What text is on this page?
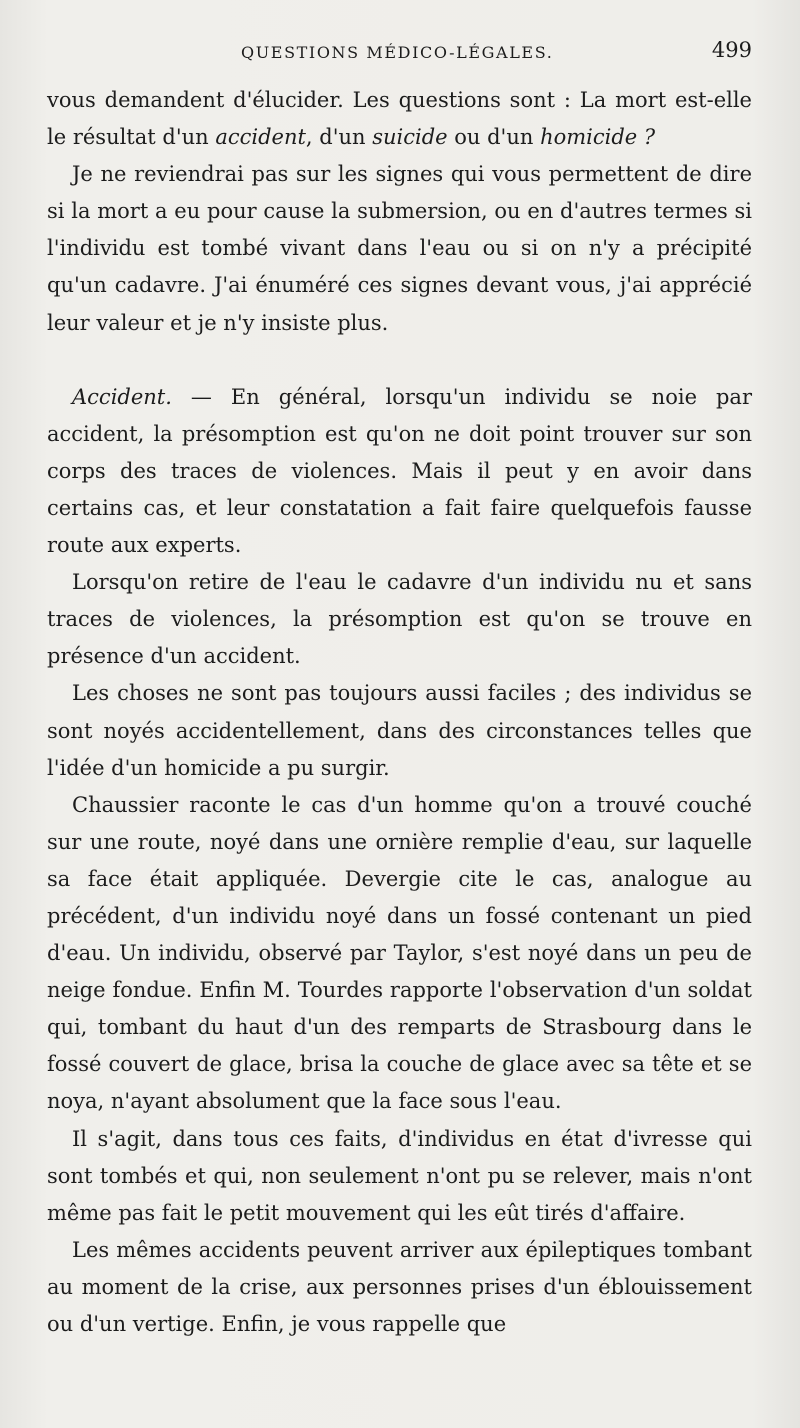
QUESTIONS MÉDICO-LÉGALES.	499

vous demandent d'élucider. Les questions sont : La mort est-elle le résultat d'un accident, d'un suicide ou d'un homicide ?

Je ne reviendrai pas sur les signes qui vous permettent de dire si la mort a eu pour cause la submersion, ou en d'autres termes si l'individu est tombé vivant dans l'eau ou si on n'y a précipité qu'un cadavre. J'ai énuméré ces signes devant vous, j'ai apprécié leur valeur et je n'y insiste plus.

Accident. — En général, lorsqu'un individu se noie par accident, la présomption est qu'on ne doit point trouver sur son corps des traces de violences. Mais il peut y en avoir dans certains cas, et leur constatation a fait faire quelquefois fausse route aux experts.

Lorsqu'on retire de l'eau le cadavre d'un individu nu et sans traces de violences, la présomption est qu'on se trouve en présence d'un accident.

Les choses ne sont pas toujours aussi faciles ; des individus se sont noyés accidentellement, dans des circonstances telles que l'idée d'un homicide a pu surgir.

Chaussier raconte le cas d'un homme qu'on a trouvé couché sur une route, noyé dans une ornière remplie d'eau, sur laquelle sa face était appliquée. Devergie cite le cas, analogue au précédent, d'un individu noyé dans un fossé contenant un pied d'eau. Un individu, observé par Taylor, s'est noyé dans un peu de neige fondue. Enfin M. Tourdes rapporte l'observation d'un soldat qui, tombant du haut d'un des remparts de Strasbourg dans le fossé couvert de glace, brisa la couche de glace avec sa tête et se noya, n'ayant absolument que la face sous l'eau.

Il s'agit, dans tous ces faits, d'individus en état d'ivresse qui sont tombés et qui, non seulement n'ont pu se relever, mais n'ont même pas fait le petit mouvement qui les eût tirés d'affaire.

Les mêmes accidents peuvent arriver aux épileptiques tombant au moment de la crise, aux personnes prises d'un éblouissement ou d'un vertige. Enfin, je vous rappelle que
